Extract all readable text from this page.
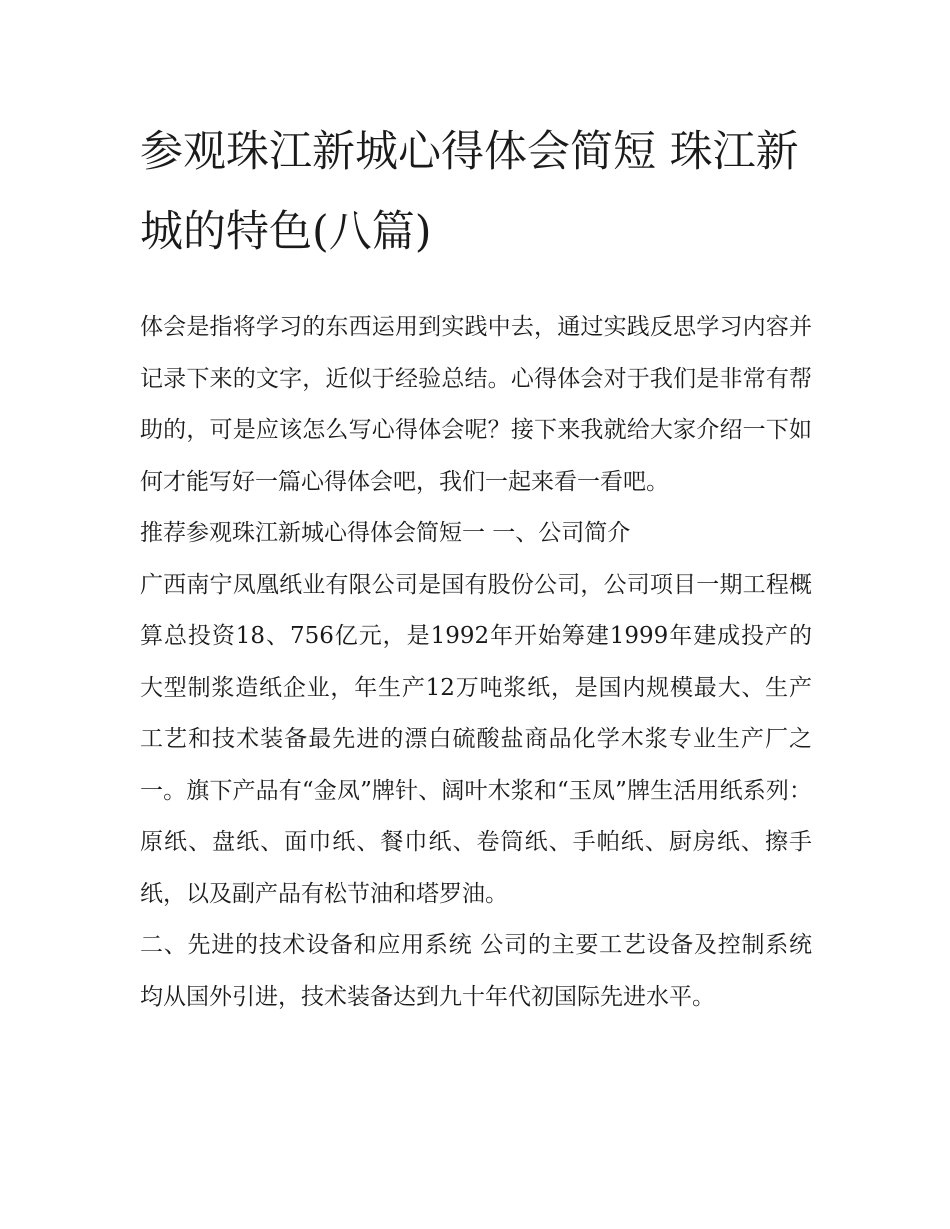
参观珠江新城心得体会简短 珠江新城的特色(八篇)

体会是指将学习的东西运用到实践中去，通过实践反思学习内容并记录下来的文字，近似于经验总结。心得体会对于我们是非常有帮助的，可是应该怎么写心得体会呢？接下来我就给大家介绍一下如何才能写好一篇心得体会吧，我们一起来看一看吧。

推荐参观珠江新城心得体会简短一 一、公司简介

广西南宁凤凰纸业有限公司是国有股份公司，公司项目一期工程概算总投资18、756亿元，是1992年开始筹建1999年建成投产的大型制浆造纸企业，年生产12万吨浆纸，是国内规模最大、生产工艺和技术装备最先进的漂白硫酸盐商品化学木浆专业生产厂之一。旗下产品有“金凤”牌针、阔叶木浆和“玉凤”牌生活用纸系列：原纸、盘纸、面巾纸、餐巾纸、卷筒纸、手帕纸、厨房纸、擦手纸，以及副产品有松节油和塔罗油。

二、先进的技术设备和应用系统 公司的主要工艺设备及控制系统均从国外引进，技术装备达到九十年代初国际先进水平。
